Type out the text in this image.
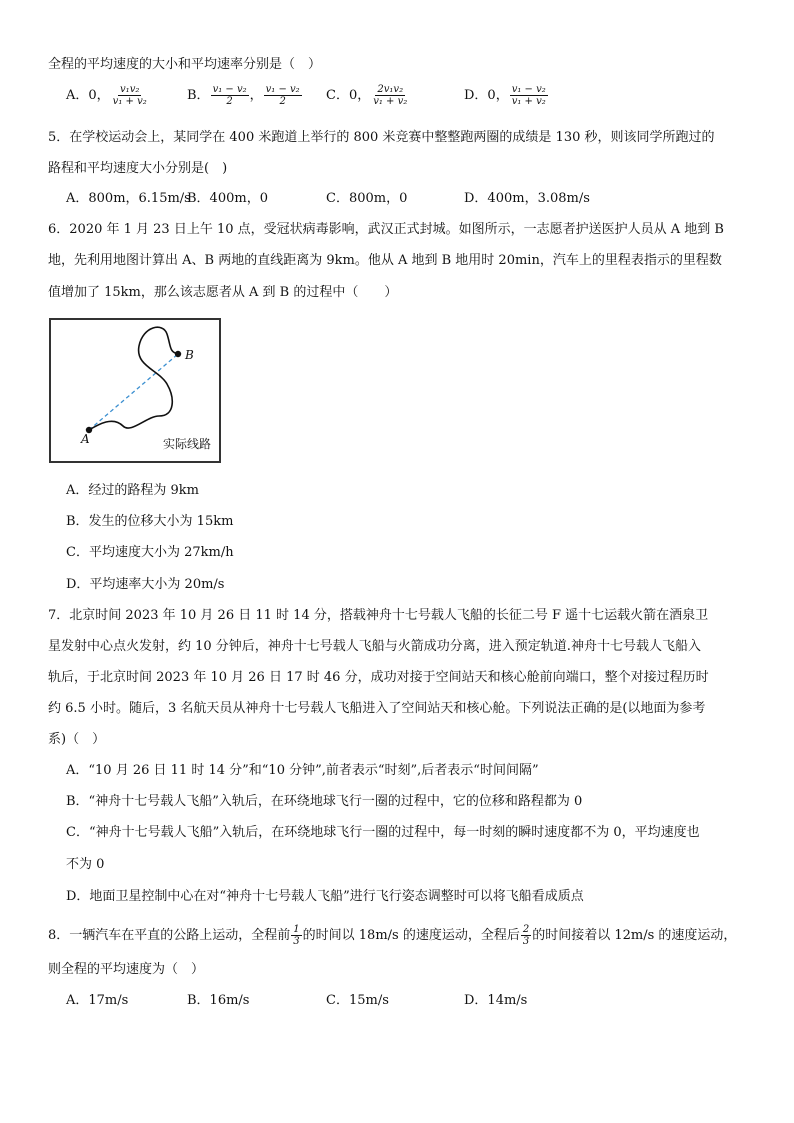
全程的平均速度的大小和平均速率分别是（　）
A．0， $\frac{\text{v₁v₂}}{\text{v₁ + v₂}}$	B． $\frac{\text{v₁ − v₂}}{2}$ ， $\frac{\text{v₁ − v₂}}{2}$ C．0， $\frac{\text{2v₁v₂}}{\text{v₁ + v₂}}$	D．0， $\frac{\text{v₁ − v₂}}{\text{v₁ + v₂}}$
5．在学校运动会上，某同学在 400 米跑道上举行的 800 米竞赛中整整跑两圈的成绩是 130 秒，则该同学所跑过的
路程和平均速度大小分别是(　)
A．800m，6.15m/s
B．400m，0	C．800m，0	D．400m，3.08m/s
6．2020 年 1 月 23 日上午 10 点，受冠状病毒影响，武汉正式封城。如图所示，一志愿者护送医护人员从 A 地到 B
地，先利用地图计算出 A、B 两地的直线距离为 9km。他从 A 地到 B 地用时 20min，汽车上的里程表指示的里程数
值增加了 15km，那么该志愿者从 A 到 B 的过程中（　　）
A
B
实际线路
A．经过的路程为 9km
B．发生的位移大小为 15km
C．平均速度大小为 27km/h
D．平均速率大小为 20m/s
7．北京时间 2023 年 10 月 26 日 11 时 14 分，搭载神舟十七号载人飞船的长征二号 F 遥十七运载火箭在酒泉卫
星发射中心点火发射，约 10 分钟后，神舟十七号载人飞船与火箭成功分离，进入预定轨道.神舟十七号载人飞船入
轨后，于北京时间 2023 年 10 月 26 日 17 时 46 分，成功对接于空间站天和核心舱前向端口，整个对接过程历时
约 6.5 小时。随后，3 名航天员从神舟十七号载人飞船进入了空间站天和核心舱。下列说法正确的是(以地面为参考
系)（　）
A．“10 月 26 日 11 时 14 分”和“10 分钟”,前者表示“时刻”,后者表示“时间间隔”
B．“神舟十七号载人飞船”入轨后，在环绕地球飞行一圈的过程中，它的位移和路程都为 0
C．“神舟十七号载人飞船”入轨后，在环绕地球飞行一圈的过程中，每一时刻的瞬时速度都不为 0，平均速度也
不为 0
D．地面卫星控制中心在对“神舟十七号载人飞船”进行飞行姿态调整时可以将飞船看成质点
8．一辆汽车在平直的公路上运动，全程前 $\frac{1}{3}$ 的时间以 18m/s 的速度运动，全程后 $\frac{2}{3}$ 的时间接着以 12m/s 的速度运动，
则全程的平均速度为（　）
A．17m/s	B．16m/s	C．15m/s	D．14m/s
